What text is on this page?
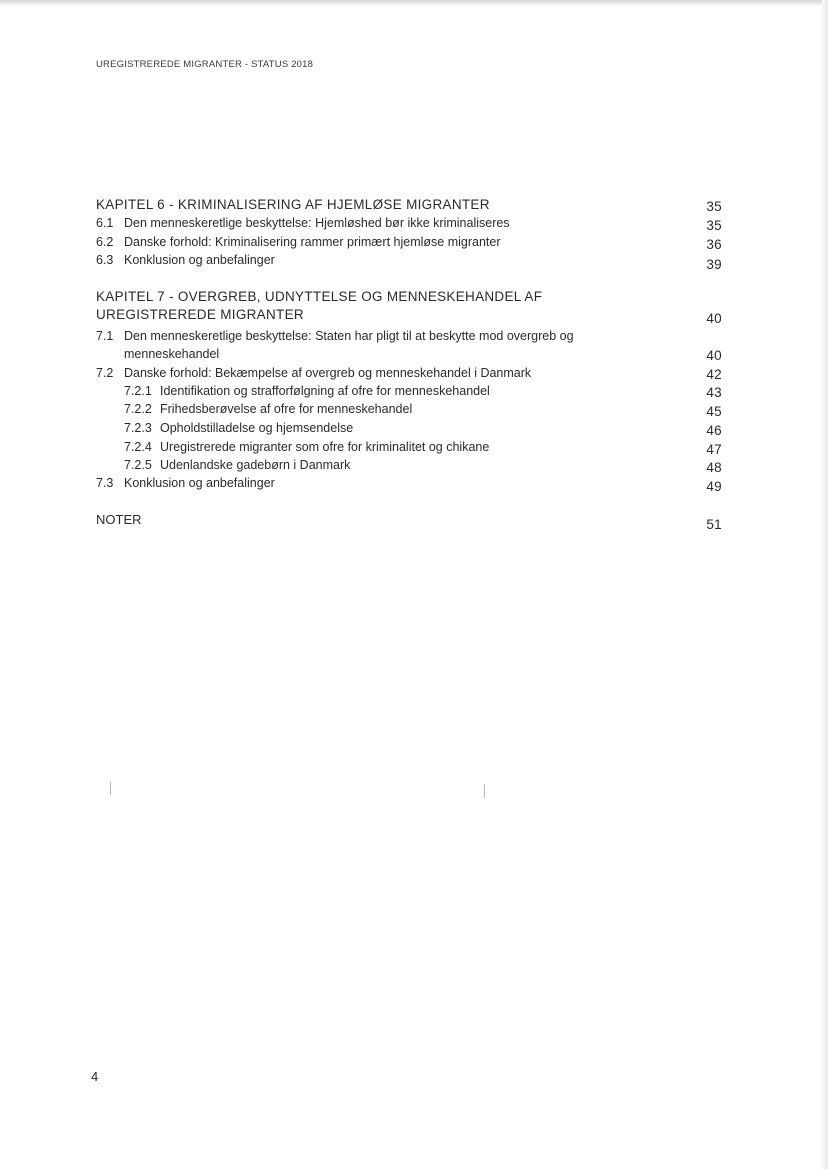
UREGISTREREDE MIGRANTER - STATUS 2018
KAPITEL 6 - KRIMINALISERING AF HJEMLØSE MIGRANTER	35
6.1 Den menneskeretlige beskyttelse: Hjemløshed bør ikke kriminaliseres	35
6.2 Danske forhold: Kriminalisering rammer primært hjemløse migranter	36
6.3 Konklusion og anbefalinger	39
KAPITEL 7 - OVERGREB, UDNYTTELSE OG MENNESKEHANDEL AF
UREGISTREREDE MIGRANTER	40
7.1 Den menneskeretlige beskyttelse: Staten har pligt til at beskytte mod overgreb og
menneskehandel	40
7.2 Danske forhold: Bekæmpelse af overgreb og menneskehandel i Danmark	42
7.2.1 Identifikation og strafforfølgning af ofre for menneskehandel	43
7.2.2 Frihedsberøvelse af ofre for menneskehandel	45
7.2.3 Opholdstilladelse og hjemsendelse	46
7.2.4 Uregistrerede migranter som ofre for kriminalitet og chikane	47
7.2.5 Udenlandske gadebørn i Danmark	48
7.3 Konklusion og anbefalinger	49
NOTER	51
4
